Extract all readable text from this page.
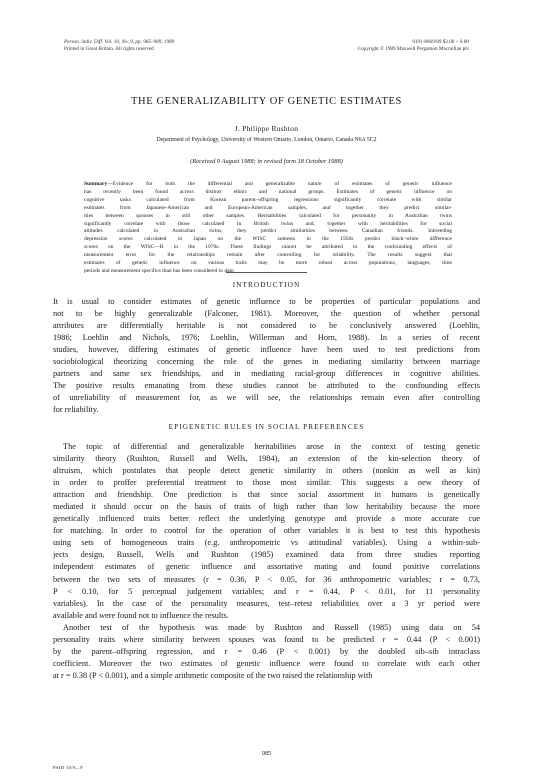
Person. indiv. Diff. Vol. 10, No. 9, pp. 985–989, 1989
Printed in Great Britain. All rights reserved
0191-8869/89 $3.00 + 0.00
Copyright © 1989 Maxwell Pergamon Macmillan plc
THE GENERALIZABILITY OF GENETIC ESTIMATES
J. Philippe Rushton
Department of Psychology, University of Western Ontario, London, Ontario, Canada N6A 5C2
(Received 9 August 1988; in revised form 18 October 1988)
Summary—Evidence for both the differential and generalizable nature of estimates of genetic influence
has recently been found across distinct ethnic and national groups. Estimates of genetic influence on
cognitive tasks calculated from Korean parent–offspring regressions significantly correlate with similar
estimates from Japanese-American and European-American samples, and together they predict similar-
ities between spouses in still other samples. Heritabilities calculated for personality in Australian twins
significantly correlate with those calculated in British twins and, together with heritabilities for social
attitudes calculated in Australian twins, they predict similarities between Canadian friends. Inbreeding
depression scores calculated in Japan on the WISC subtests in the 1950s predict black–white difference
scores on the WISC—R in the 1970s. These findings cannot be attributed to the confounding effects of
measurement error for the relationships remain after controlling for reliability. The results suggest that
estimates of genetic influence on various traits may be more robust across populations, languages, time
periods and measurement specifics than has been considered to date.
INTRODUCTION
It is usual to consider estimates of genetic influence to be properties of particular populations and
not to be highly generalizable (Falconer, 1981). Moreover, the question of whether personal
attributes are differentially heritable is not considered to be conclusively answered (Loehlin,
1986; Loehlin and Nichols, 1976; Loehlin, Willerman and Horn, 1988). In a series of recent
studies, however, differing estimates of genetic influence have been used to test predictions from
sociobiological theorizing concerning the role of the genes in mediating similarity between marriage
partners and same sex friendships, and in mediating racial-group differences in cognitive abilities.
The positive results emanating from these studies cannot be attributed to the confounding effects
of unreliability of measurement for, as we will see, the relationships remain even after controlling
for reliability.
EPIGENETIC RULES IN SOCIAL PREFERENCES
The topic of differential and generalizable heritabilities arose in the context of testing genetic
similarity theory (Rushton, Russell and Wells, 1984), an extension of the kin-selection theory of
altruism, which postulates that people detect genetic similarity in others (nonkin as well as kin)
in order to proffer preferential treatment to those most similar. This suggests a new theory of
attraction and friendship. One prediction is that since social assortment in humans is genetically
mediated it should occur on the basis of traits of high rather than low heritability because the more
genetically influenced traits better reflect the underlying genotype and provide a more accurate cue
for matching. In order to control for the operation of other variables it is best to test this hypothesis
using sets of homogeneous traits (e.g. anthropometric vs attitudinal variables). Using a within-sub-
jects design, Russell, Wells and Rushton (1985) examined data from three studies reporting
independent estimates of genetic influence and assortative mating and found positive correlations
between the two sets of measures (r = 0.36, P < 0.05, for 36 anthropometric variables; r = 0.73,
P < 0.10, for 5 perceptual judgement variables; and r = 0.44, P < 0.01, for 11 personality
variables). In the case of the personality measures, test–retest reliabilities over a 3 yr period were
available and were found not to influence the results.
Another test of the hypothesis was made by Rushton and Russell (1985) using data on 54
personality traits where similarity between spouses was found to be predicted r = 0.44 (P < 0.001)
by the parent–offspring regression, and r = 0.46 (P < 0.001) by the doubled sib–sib intraclass
coefficient. Moreover the two estimates of genetic influence were found to correlate with each other
at r = 0.38 (P < 0.001), and a simple arithmetic composite of the two raised the relationship with
985
PAID 10/9—F
